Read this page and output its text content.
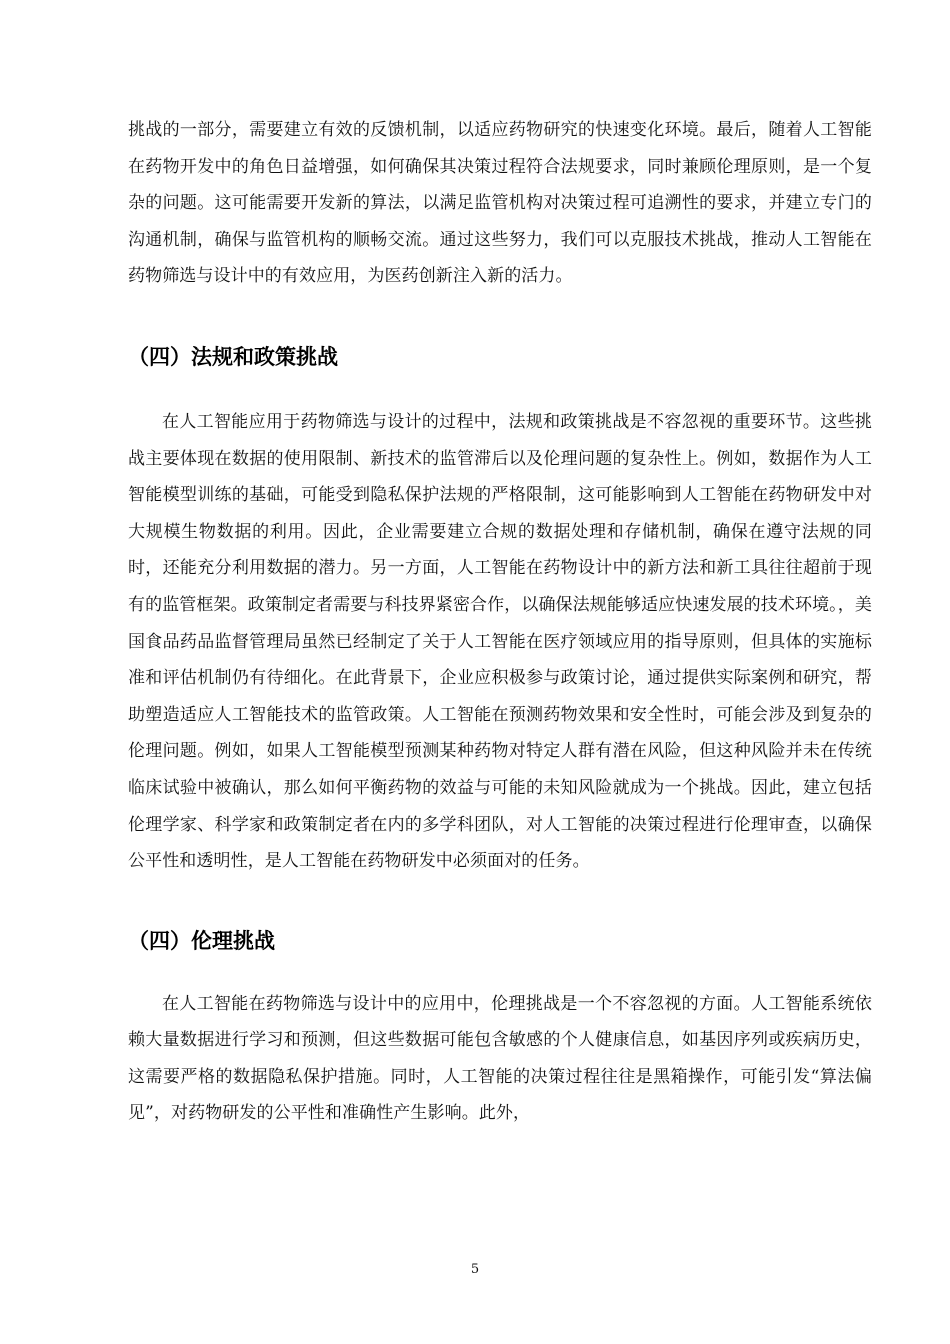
挑战的一部分，需要建立有效的反馈机制，以适应药物研究的快速变化环境。最后，随着人工智能在药物开发中的角色日益增强，如何确保其决策过程符合法规要求，同时兼顾伦理原则，是一个复杂的问题。这可能需要开发新的算法，以满足监管机构对决策过程可追溯性的要求，并建立专门的沟通机制，确保与监管机构的顺畅交流。通过这些努力，我们可以克服技术挑战，推动人工智能在药物筛选与设计中的有效应用，为医药创新注入新的活力。

（四）法规和政策挑战

在人工智能应用于药物筛选与设计的过程中，法规和政策挑战是不容忽视的重要环节。这些挑战主要体现在数据的使用限制、新技术的监管滞后以及伦理问题的复杂性上。例如，数据作为人工智能模型训练的基础，可能受到隐私保护法规的严格限制，这可能影响到人工智能在药物研发中对大规模生物数据的利用。因此，企业需要建立合规的数据处理和存储机制，确保在遵守法规的同时，还能充分利用数据的潜力。另一方面，人工智能在药物设计中的新方法和新工具往往超前于现有的监管框架。政策制定者需要与科技界紧密合作，以确保法规能够适应快速发展的技术环境。，美国食品药品监督管理局虽然已经制定了关于人工智能在医疗领域应用的指导原则，但具体的实施标准和评估机制仍有待细化。在此背景下，企业应积极参与政策讨论，通过提供实际案例和研究，帮助塑造适应人工智能技术的监管政策。人工智能在预测药物效果和安全性时，可能会涉及到复杂的伦理问题。例如，如果人工智能模型预测某种药物对特定人群有潜在风险，但这种风险并未在传统临床试验中被确认，那么如何平衡药物的效益与可能的未知风险就成为一个挑战。因此，建立包括伦理学家、科学家和政策制定者在内的多学科团队，对人工智能的决策过程进行伦理审查，以确保公平性和透明性，是人工智能在药物研发中必须面对的任务。

（四）伦理挑战

在人工智能在药物筛选与设计中的应用中，伦理挑战是一个不容忽视的方面。人工智能系统依赖大量数据进行学习和预测，但这些数据可能包含敏感的个人健康信息，如基因序列或疾病历史，这需要严格的数据隐私保护措施。同时，人工智能的决策过程往往是黑箱操作，可能引发“算法偏见”，对药物研发的公平性和准确性产生影响。此外，

5
